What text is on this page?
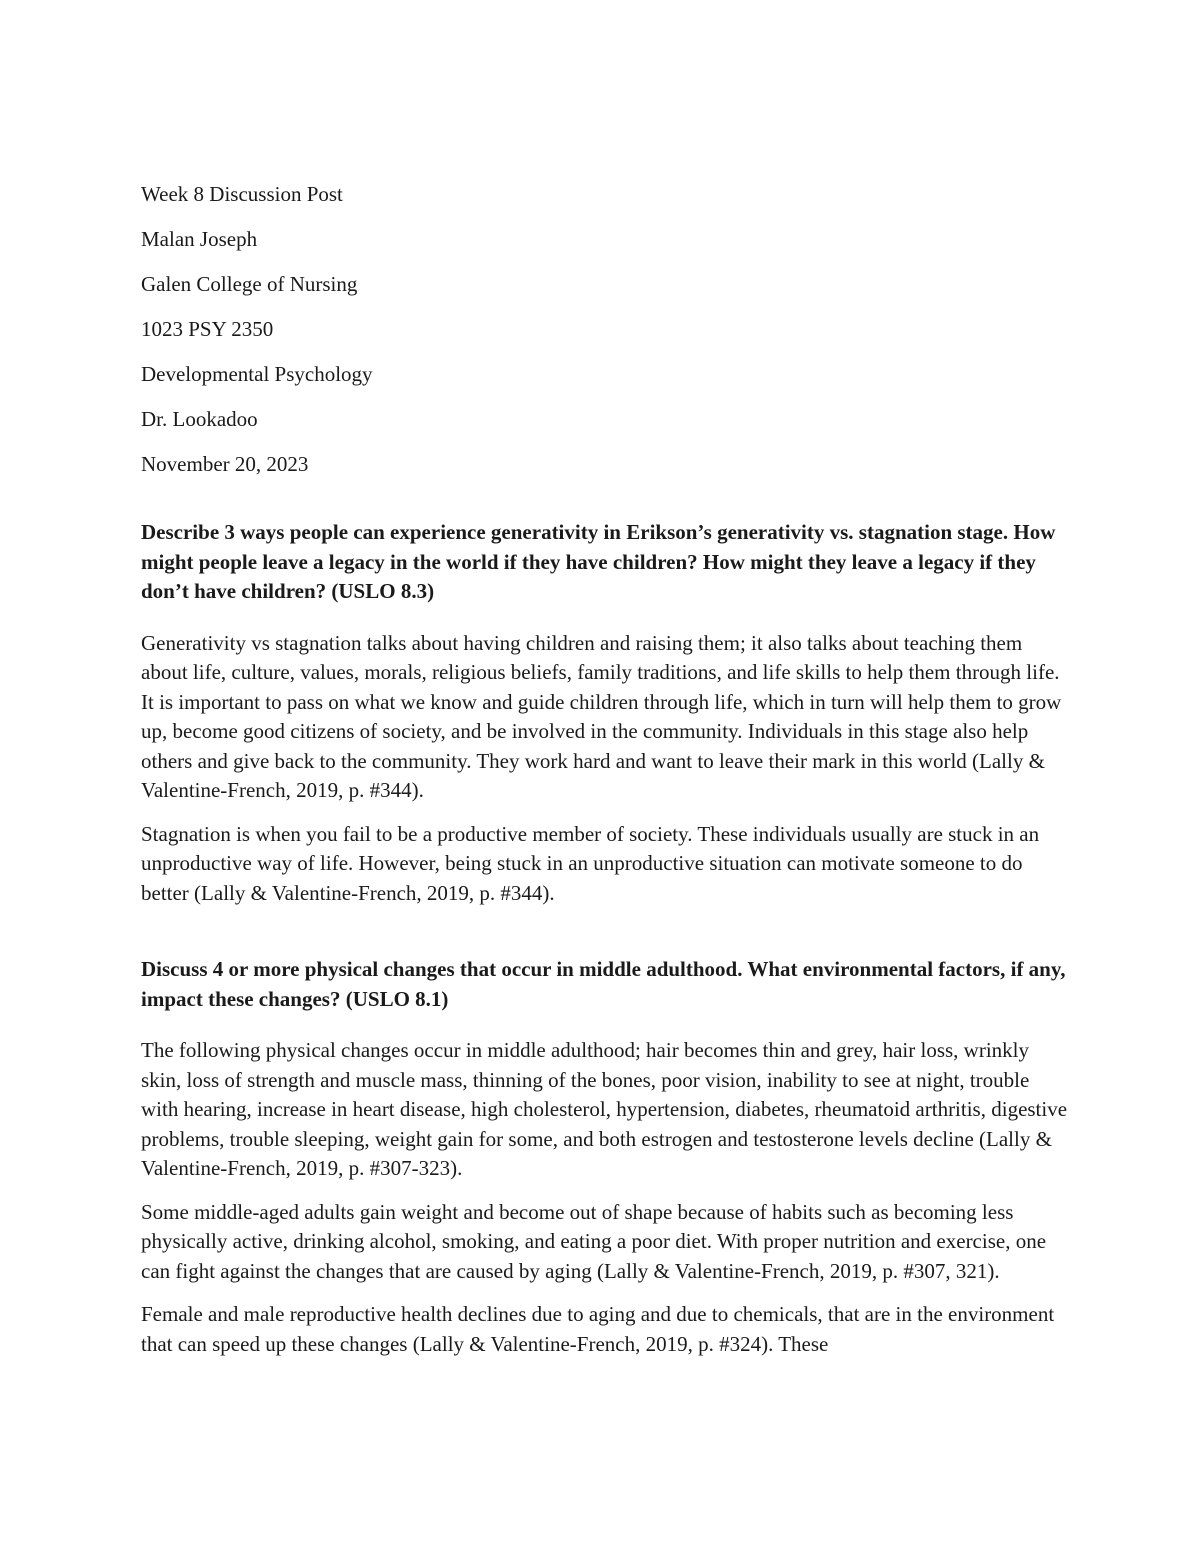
Week 8 Discussion Post
Malan Joseph
Galen College of Nursing
1023 PSY 2350
Developmental Psychology
Dr. Lookadoo
November 20, 2023

Describe 3 ways people can experience generativity in Erikson’s generativity vs. stagnation stage. How might people leave a legacy in the world if they have children? How might they leave a legacy if they don’t have children? (USLO 8.3)

Generativity vs stagnation talks about having children and raising them; it also talks about teaching them about life, culture, values, morals, religious beliefs, family traditions, and life skills to help them through life. It is important to pass on what we know and guide children through life, which in turn will help them to grow up, become good citizens of society, and be involved in the community. Individuals in this stage also help others and give back to the community. They work hard and want to leave their mark in this world (Lally & Valentine-French, 2019, p. #344).

Stagnation is when you fail to be a productive member of society. These individuals usually are stuck in an unproductive way of life. However, being stuck in an unproductive situation can motivate someone to do better (Lally & Valentine-French, 2019, p. #344).

Discuss 4 or more physical changes that occur in middle adulthood. What environmental factors, if any, impact these changes? (USLO 8.1)

The following physical changes occur in middle adulthood; hair becomes thin and grey, hair loss, wrinkly skin, loss of strength and muscle mass, thinning of the bones, poor vision, inability to see at night, trouble with hearing, increase in heart disease, high cholesterol, hypertension, diabetes, rheumatoid arthritis, digestive problems, trouble sleeping, weight gain for some, and both estrogen and testosterone levels decline (Lally & Valentine-French, 2019, p. #307-323).

Some middle-aged adults gain weight and become out of shape because of habits such as becoming less physically active, drinking alcohol, smoking, and eating a poor diet. With proper nutrition and exercise, one can fight against the changes that are caused by aging (Lally & Valentine-French, 2019, p. #307, 321).

Female and male reproductive health declines due to aging and due to chemicals, that are in the environment that can speed up these changes (Lally & Valentine-French, 2019, p. #324). These
